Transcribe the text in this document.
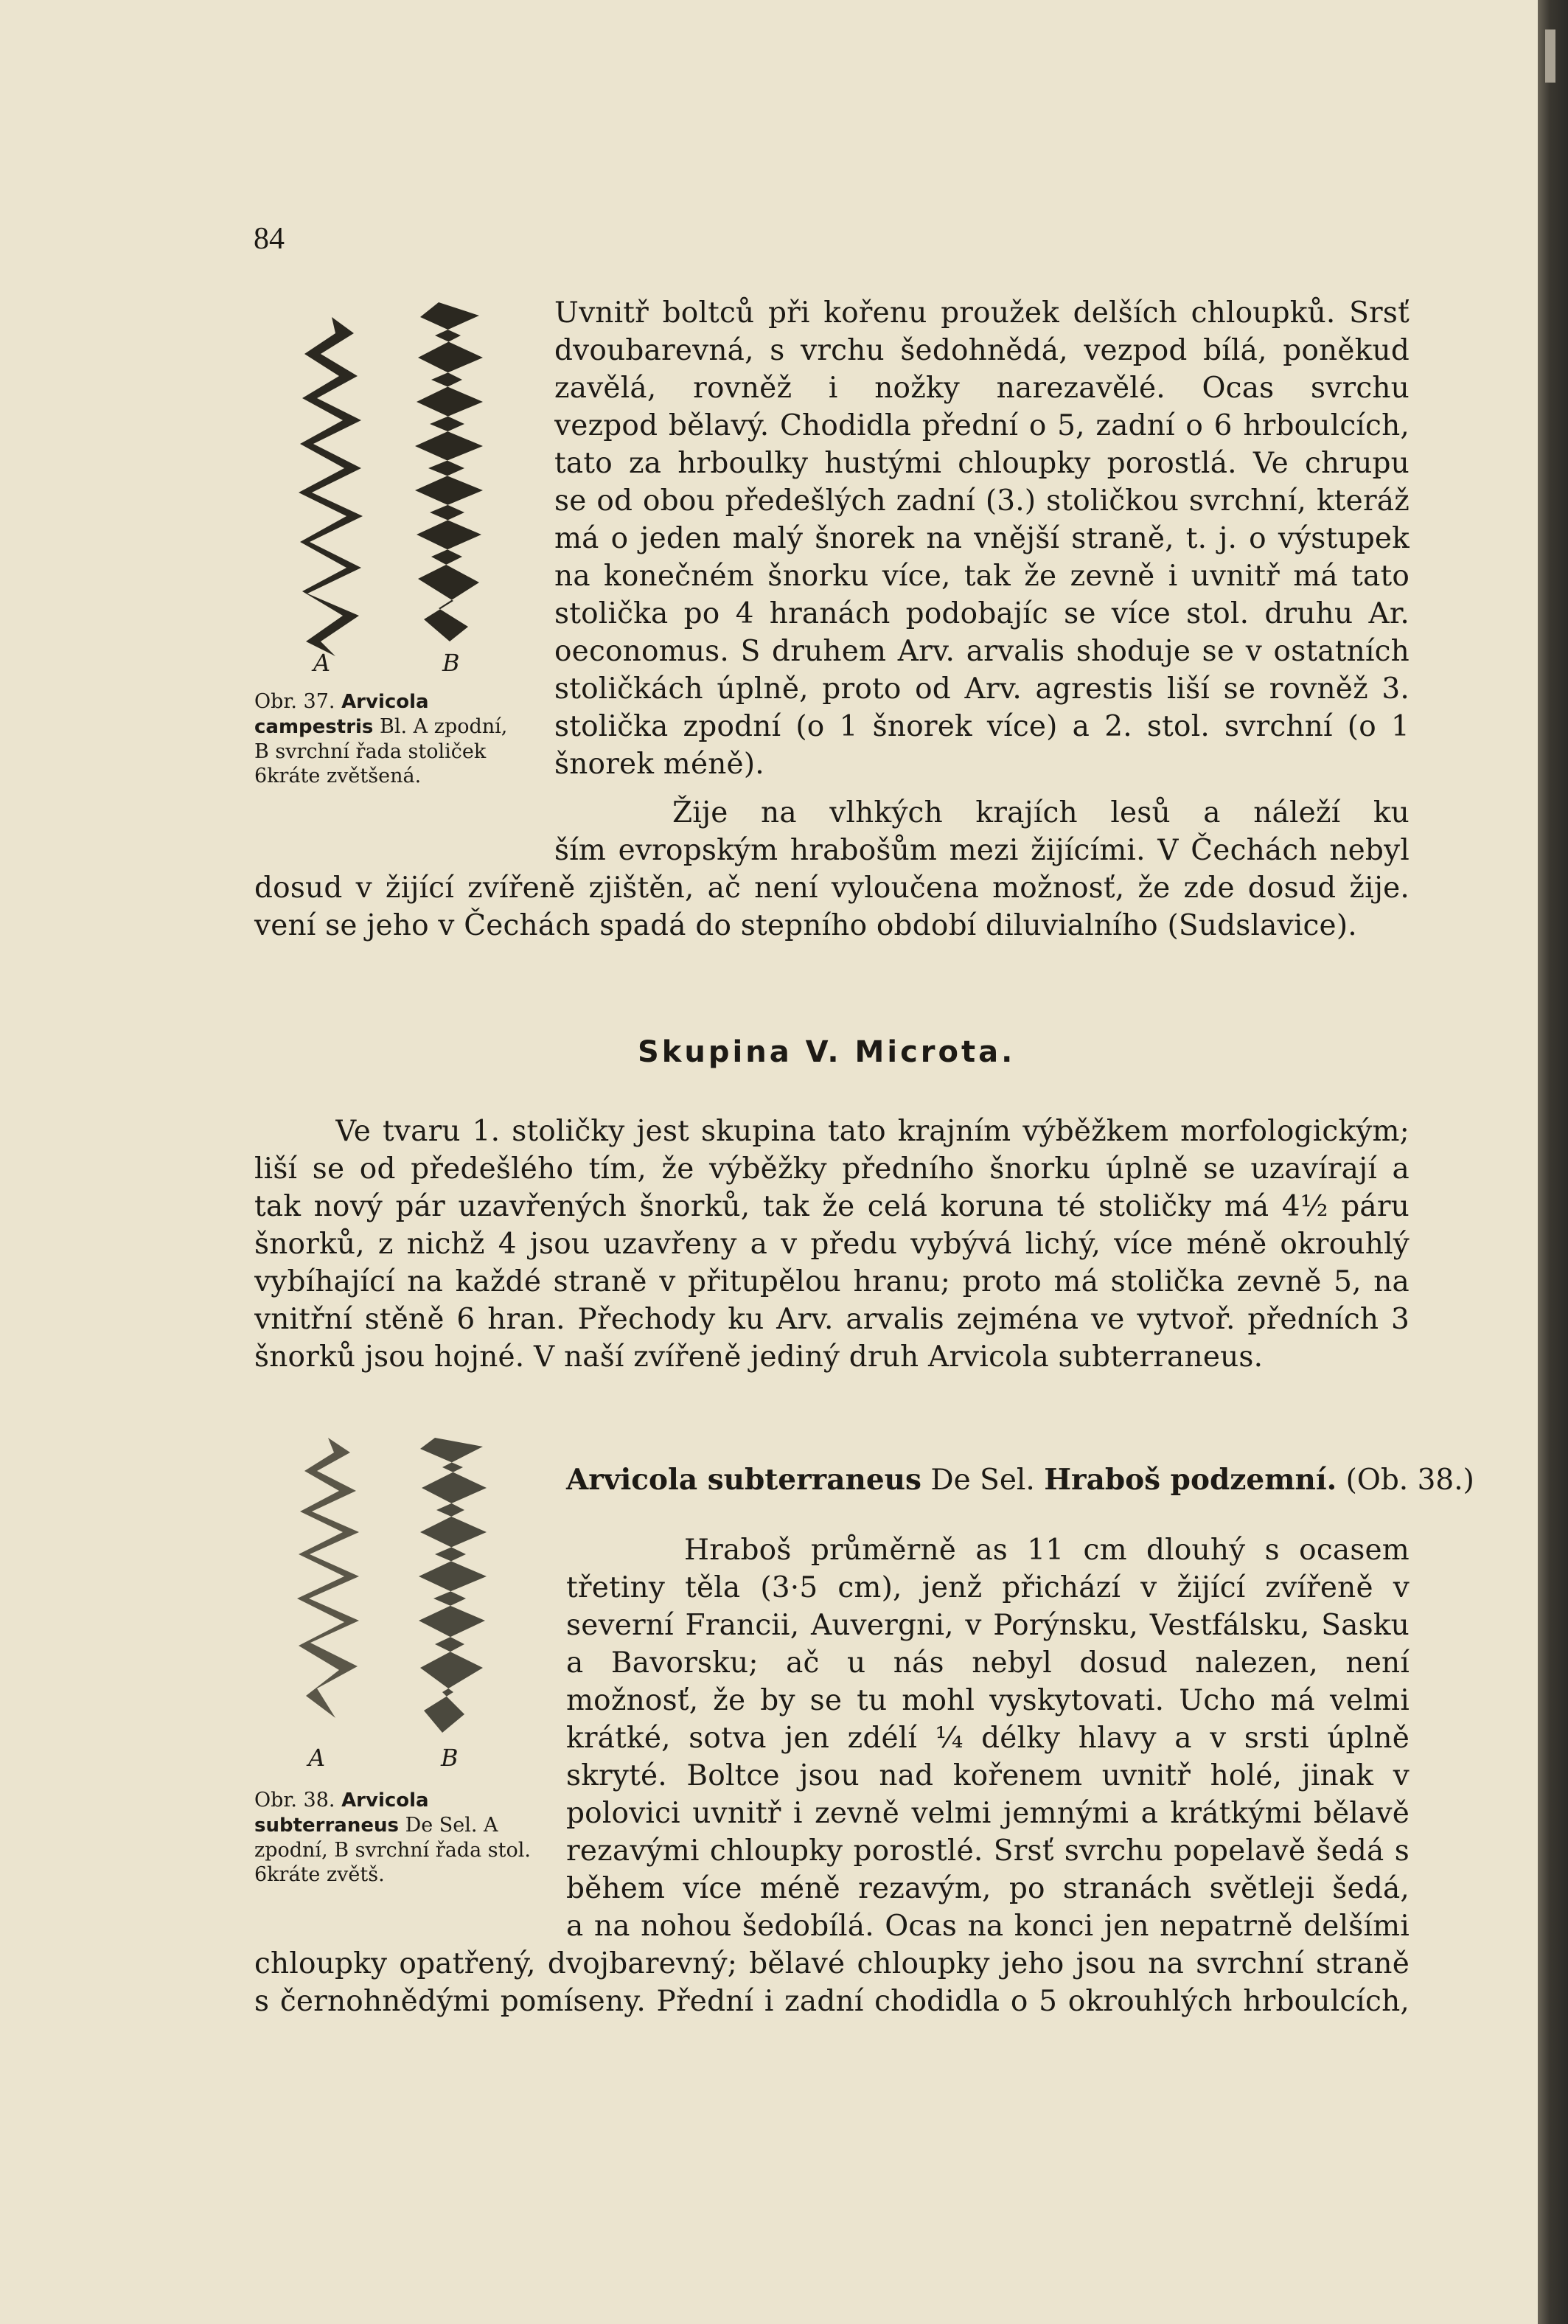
84
A	B
Obr. 37. Arvicola campestris Bl. A zpodní, B svrchní řada stoliček 6kráte zvětšená.
Uvnitř boltců při kořenu proužek delších chloupků. Srsť
dvoubarevná, s vrchu šedohnědá, vezpod bílá, poněkud
zavělá, rovněž i nožky narezavělé. Ocas svrchu
vezpod bělavý. Chodidla přední o 5, zadní o 6 hrboulcích,
tato za hrboulky hustými chloupky porostlá. Ve chrupu
se od obou předešlých zadní (3.) stoličkou svrchní, kteráž
má o jeden malý šnorek na vnější straně, t. j. o výstupek
na konečném šnorku více, tak že zevně i uvnitř má tato
stolička po 4 hranách podobajíc se více stol. druhu Ar.
oeconomus. S druhem Arv. arvalis shoduje se v ostatních
stoličkách úplně, proto od Arv. agrestis liší se rovněž 3.
stolička zpodní (o 1 šnorek více) a 2. stol. svrchní (o 1
šnorek méně).
Žije na vlhkých krajích lesů a náleží ku
ším evropským hrabošům mezi žijícími. V Čechách nebyl
dosud v žijící zvířeně zjištěn, ač není vyloučena možnosť, že zde dosud žije.
vení se jeho v Čechách spadá do stepního období diluvialního (Sudslavice).
Skupina V. Microta.
Ve tvaru 1. stoličky jest skupina tato krajním výběžkem morfologickým;
liší se od předešlého tím, že výběžky předního šnorku úplně se uzavírají a
tak nový pár uzavřených šnorků, tak že celá koruna té stoličky má 4½ páru
šnorků, z nichž 4 jsou uzavřeny a v předu vybývá lichý, více méně okrouhlý
vybíhající na každé straně v přitupělou hranu; proto má stolička zevně 5, na
vnitřní stěně 6 hran. Přechody ku Arv. arvalis zejména ve vytvoř. předních 3
šnorků jsou hojné. V naší zvířeně jediný druh Arvicola subterraneus.
A	B
Obr. 38. Arvicola subterraneus De Sel. A zpodní, B svrchní řada stol. 6kráte zvětš.
Arvicola subterraneus De Sel. Hraboš podzemní. (Ob. 38.)
Hraboš průměrně as 11 cm dlouhý s ocasem
třetiny těla (3·5 cm), jenž přichází v žijící zvířeně v
severní Francii, Auvergni, v Porýnsku, Vestfálsku, Sasku
a Bavorsku; ač u nás nebyl dosud nalezen, není
možnosť, že by se tu mohl vyskytovati. Ucho má velmi
krátké, sotva jen zdélí ¼ délky hlavy a v srsti úplně
skryté. Boltce jsou nad kořenem uvnitř holé, jinak v
polovici uvnitř i zevně velmi jemnými a krátkými bělavě
rezavými chloupky porostlé. Srsť svrchu popelavě šedá s
během více méně rezavým, po stranách světleji šedá,
a na nohou šedobílá. Ocas na konci jen nepatrně delšími
chloupky opatřený, dvojbarevný; bělavé chloupky jeho jsou na svrchní straně
s černohnědými pomíseny. Přední i zadní chodidla o 5 okrouhlých hrboulcích,
